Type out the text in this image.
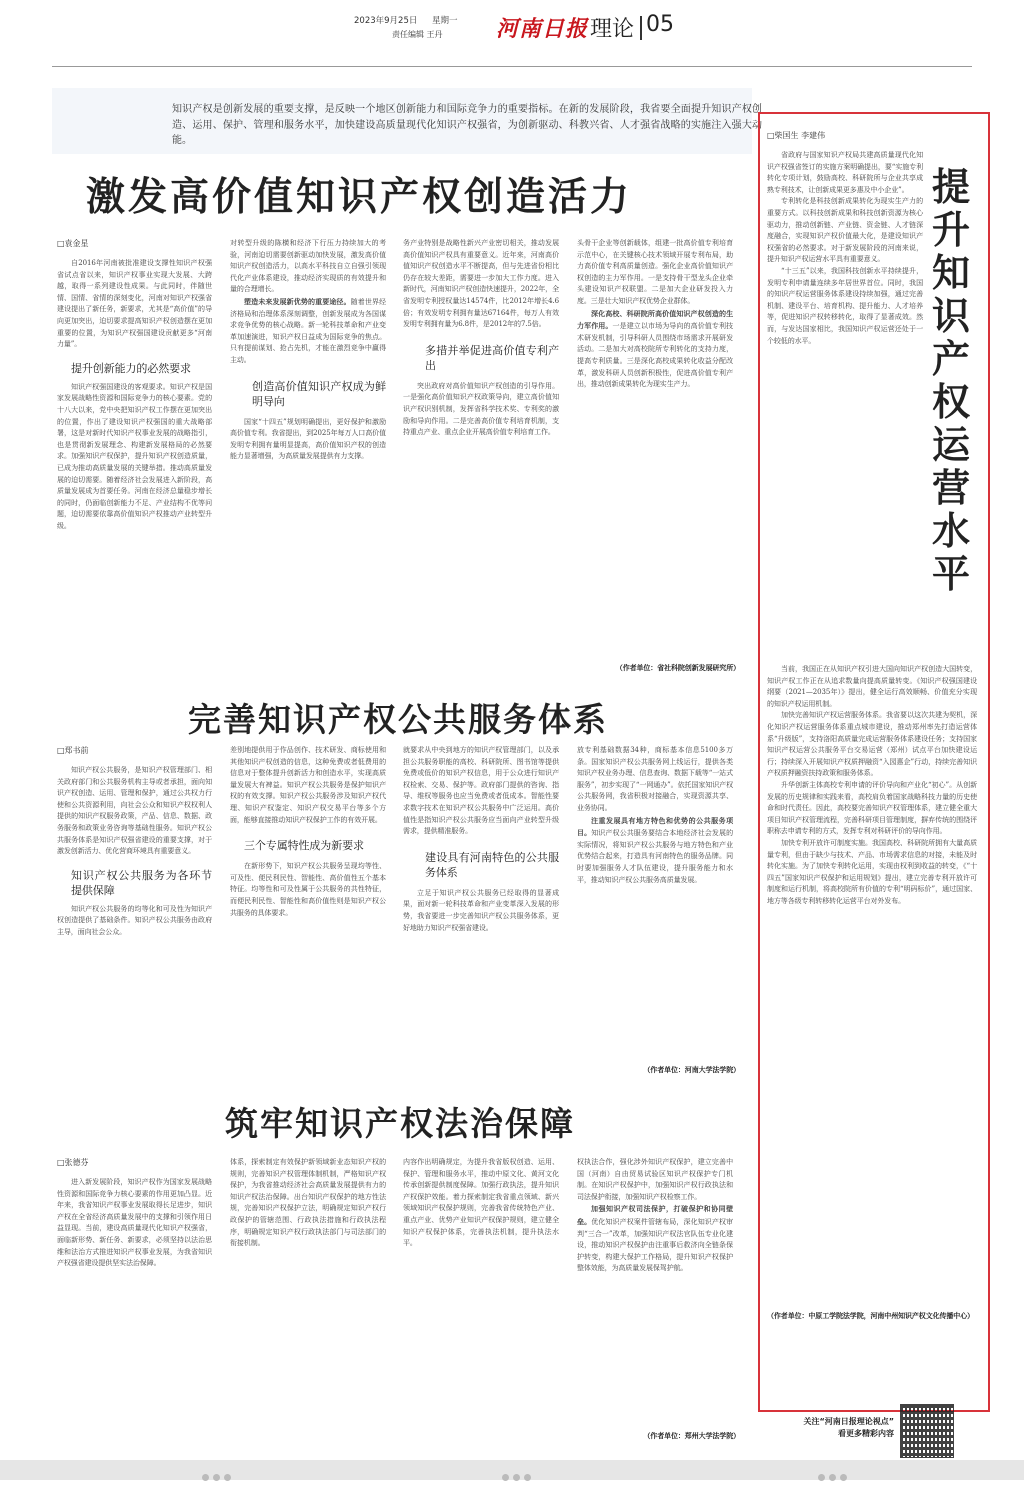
2023年9月25日 星期一
责任编辑 王丹 河南日报 理论 05
知识产权是创新发展的重要支撑，是反映一个地区创新能力和国际竞争力的重要指标。在新的发展阶段，我省要全面提升知识产权创造、运用、保护、管理和服务水平，加快建设高质量现代化知识产权强省，为创新驱动、科教兴省、人才强省战略的实施注入强大动能。
激发高价值知识产权创造活力
□袁金星

自2016年河南被批准建设支撑性知识产权强省试点省以来，知识产权事业实现大发展、大跨越，取得一系列建设性成果。与此同时，伴随世情、国情、省情的深刻变化，河南对知识产权强省建设提出了新任务，新要求，尤其是“高价值”的导向更加突出，迫切要求提高知识产权创造摆在更加重要的位置，为知识产权强国建设贡献更多“河南力量”。

提升创新能力的必然要求

知识产权强国建设的客观要求。知识产权是国家发展战略性资源和国际竞争力的核心要素。党的十八大以来，党中央把知识产权工作摆在更加突出的位置，作出了建设知识产权强国的重大战略部署，这是对新时代知识产权事业发展的战略指引，也是贯彻新发展理念、构建新发展格局的必然要求。加强知识产权保护，提升知识产权创造质量，已成为推动高质量发展的关键举措。推动高质量发展的迫切需要。随着经济社会发展进入新阶段，高质量发展成为首要任务。河南在经济总量稳步增长的同时，仍面临创新能力不足、产业结构不优等问题，迫切需要依靠高价值知识产权推动产业转型升级。

对转型升级的陈横和经济下行压力持续加大的考验，河南迫切需要创新驱动加快发展，激发高价值知识产权创造活力，以高水平科技自立自强引领现代化产业体系建设，推动经济实现质的有效提升和量的合理增长。

塑造未来发展新优势的重要途径。随着世界经济格局和治理体系深刻调整，创新发展成为各国谋求竞争优势的核心战略。新一轮科技革命和产业变革加速演进，知识产权日益成为国际竞争的焦点。只有提前谋划、抢占先机，才能在激烈竞争中赢得主动。

创造高价值知识产权成为鲜明导向

国家“十四五”规划明确提出，更好保护和激励高价值专利。我省提出，到2025年每万人口高价值发明专利拥有量明显提高，高价值知识产权的创造能力显著增强，为高质量发展提供有力支撑。

务产业特别是战略性新兴产业密切相关，推动发展高价值知识产权具有重要意义。近年来，河南高价值知识产权创造水平不断提高，但与先进省份相比仍存在较大差距，需要进一步加大工作力度。进入新时代，河南知识产权创造快速提升，2022年，全省发明专利授权量达14574件，比2012年增长4.6倍；有效发明专利拥有量达67164件，每万人有效发明专利拥有量为6.8件，是2012年的7.5倍。

多措并举促进高价值专利产出

突出政府对高价值知识产权创造的引导作用。一是强化高价值知识产权政策导向，建立高价值知识产权识别机制，发挥省科学技术奖、专利奖的激励和导向作用。二是完善高价值专利培育机制，支持重点产业、重点企业开展高价值专利培育工作。

头骨干企业等创新载体，组建一批高价值专利培育示范中心，在关键核心技术领域开展专利布局，助力高价值专利高质量创造。强化企业高价值知识产权创造的主力军作用。一是支持骨干型龙头企业牵头建设知识产权联盟。二是加大企业研发投入力度。三是壮大知识产权优势企业群体。

深化高校、科研院所高价值知识产权创造的生力军作用。一是建立以市场为导向的高价值专利技术研发机制，引导科研人员围绕市场需求开展研发活动。二是加大对高校院所专利转化的支持力度，提高专利质量。三是深化高校成果转化收益分配改革，激发科研人员创新积极性，促进高价值专利产出，推动创新成果转化为现实生产力。

（作者单位：省社科院创新发展研究所）
完善知识产权公共服务体系
□郑书前

知识产权公共服务，是知识产权管理部门、相关政府部门和公共服务机构主导或者承担，面向知识产权创造、运用、管理和保护，通过公共权力行使和公共资源利用，向社会公众和知识产权权利人提供的知识产权服务政策，产品、信息、数据、政务服务和政策业务咨询等基础性服务。知识产权公共服务体系是知识产权强省建设的重要支撑，对于激发创新活力、优化营商环境具有重要意义。

知识产权公共服务为各环节提供保障

知识产权公共服务的均等化和可及性为知识产权创造提供了基础条件。知识产权公共服务由政府主导，面向社会公众。

差别地提供用于作品创作、技术研发、商标使用和其他知识产权创造的信息，这种免费或者低费用的信息对于整体提升创新活力和创造水平，实现高质量发展大有裨益。知识产权公共服务是保护知识产权的有效支撑。知识产权公共服务涉及知识产权代理、知识产权鉴定、知识产权交易平台等多个方面，能够直接推动知识产权保护工作的有效开展。

三个专属特性成为新要求

在新形势下，知识产权公共服务呈现均等性、可及性、便民利民性、智能性、高价值性五个基本特征。均等性和可及性属于公共服务的共性特征，而便民利民性、智能性和高价值性则是知识产权公共服务的具体要求。

就要求从中央到地方的知识产权管理部门，以及承担公共服务职能的高校、科研院所、图书馆等提供免费或低价的知识产权信息，用于公众进行知识产权检索、交易、保护等。政府部门提供的咨询、指导、维权等服务也应当免费或者低成本。智能性要求数字技术在知识产权公共服务中广泛运用。高价值性是指知识产权公共服务应当面向产业转型升级需求，提供精准服务。

建设具有河南特色的公共服务体系

立足于知识产权公共服务已经取得的显著成果，面对新一轮科技革命和产业变革深入发展的形势，我省要进一步完善知识产权公共服务体系，更好地助力知识产权强省建设。

放专利基础数据34种，商标基本信息5100多万条。国家知识产权公共服务网上线运行，提供各类知识产权业务办理、信息查询、数据下载等“一站式服务”，初步实现了“一网通办”。依托国家知识产权公共服务网，我省积极对接融合，实现资源共享、业务协同。

注重发展具有地方特色和优势的公共服务项目。知识产权公共服务要结合本地经济社会发展的实际情况，将知识产权公共服务与地方特色和产业优势结合起来，打造具有河南特色的服务品牌。同时要加强服务人才队伍建设，提升服务能力和水平，推动知识产权公共服务高质量发展。

（作者单位：河南大学法学院）
筑牢知识产权法治保障
□张德芬

进入新发展阶段，知识产权作为国家发展战略性资源和国际竞争力核心要素的作用更加凸显。近年来，我省知识产权事业发展取得长足进步，知识产权在全省经济高质量发展中的支撑和引领作用日益显现。当前，建设高质量现代化知识产权强省，面临新形势、新任务、新要求，必须坚持以法治思维和法治方式推进知识产权事业发展，为我省知识产权强省建设提供坚实法治保障。

体系，探索制定有效保护新领域新业态知识产权的规则，完善知识产权管理体制机制，严格知识产权保护，为我省推动经济社会高质量发展提供有力的知识产权法治保障。出台知识产权保护的地方性法规，完善知识产权保护立法，明确规定知识产权行政保护的管辖范围、行政执法措施和行政执法程序，明确规定知识产权行政执法部门与司法部门的衔接机制。

内容作出明确规定，为提升我省版权创造、运用、保护、管理和服务水平，推动中原文化、黄河文化传承创新提供制度保障。加强行政执法，提升知识产权保护效能。着力探索制定我省重点领域、新兴领域知识产权保护规则，完善我省传统特色产业、重点产业、优势产业知识产权保护规则，建立健全知识产权保护体系，完善执法机制，提升执法水平。

权执法合作，强化涉外知识产权保护，建立完善中国（河南）自由贸易试验区知识产权保护专门机制。在知识产权保护中，加强知识产权行政执法和司法保护衔接，加强知识产权检察工作。

加强知识产权司法保护，打破保护和协同壁垒。优化知识产权案件管辖布局，深化知识产权审判“三合一”改革，加强知识产权法官队伍专业化建设，推动知识产权保护由注重事后救济向全链条保护转变，构建大保护工作格局，提升知识产权保护整体效能，为高质量发展保驾护航。

（作者单位：郑州大学法学院）
提升知识产权运营水平
□柴国生 李建伟

省政府与国家知识产权局共建高质量现代化知识产权强省签订的实施方案明确提出，要“实施专利转化专项计划，鼓励高校、科研院所与企业共享成熟专利技术，让创新成果更多惠及中小企业”。

专利转化是科技创新成果转化为现实生产力的重要方式。以科技创新成果和科技创新资源为核心驱动力，推动创新链、产业链、资金链、人才链深度融合，实现知识产权价值最大化，是建设知识产权强省的必然要求。对于新发展阶段的河南来说，提升知识产权运营水平具有重要意义。

“十三五”以来，我国科技创新水平持续提升，发明专利申请量连续多年居世界首位。同时，我国的知识产权运营服务体系建设持续加强，通过完善机制、建设平台、培育机构、提升能力、人才培养等，促进知识产权转移转化，取得了显著成效。然而，与发达国家相比，我国知识产权运营还处于一个较低的水平。

当前，我国正在从知识产权引进大国向知识产权创造大国转变，知识产权工作正在从追求数量向提高质量转变。《知识产权强国建设纲要（2021—2035年）》提出，健全运行高效顺畅、价值充分实现的知识产权运用机制。

加快完善知识产权运营服务体系。我省要以这次共建为契机，深化知识产权运营服务体系重点城市建设，推动郑州率先打造运营体系“升级版”，支持洛阳高质量完成运营服务体系建设任务；支持国家知识产权运营公共服务平台交易运营（郑州）试点平台加快建设运行；持续深入开展知识产权质押融资“入园惠企”行动，持续完善知识产权质押融资扶持政策和服务体系。

升华创新主体高校专利申请的评价导向和产业化“初心”。从创新发展的历史规律和实践来看，高校肩负着国家战略科技力量的历史使命和时代责任。因此，高校要完善知识产权管理体系，建立健全重大项目知识产权管理流程，完善科研项目管理制度，摒弃传统的围绕评职称去申请专利的方式，发挥专利对科研评价的导向作用。

加快专利开放许可制度实施。我国高校、科研院所拥有大量高质量专利，但由于缺少与技术、产品、市场需求信息的对接，未能及时转化实施。为了加快专利转化运用，实现由权利到收益的转变，《“十四五”国家知识产权保护和运用规划》提出，建立完善专利开放许可制度和运行机制，将高校院所有价值的专利“明码标价”，通过国家、地方等各级专利转移转化运营平台对外发布。

（作者单位：中原工学院法学院，河南中州知识产权文化传播中心）
关注“河南日报理论视点”
看更多精彩内容
